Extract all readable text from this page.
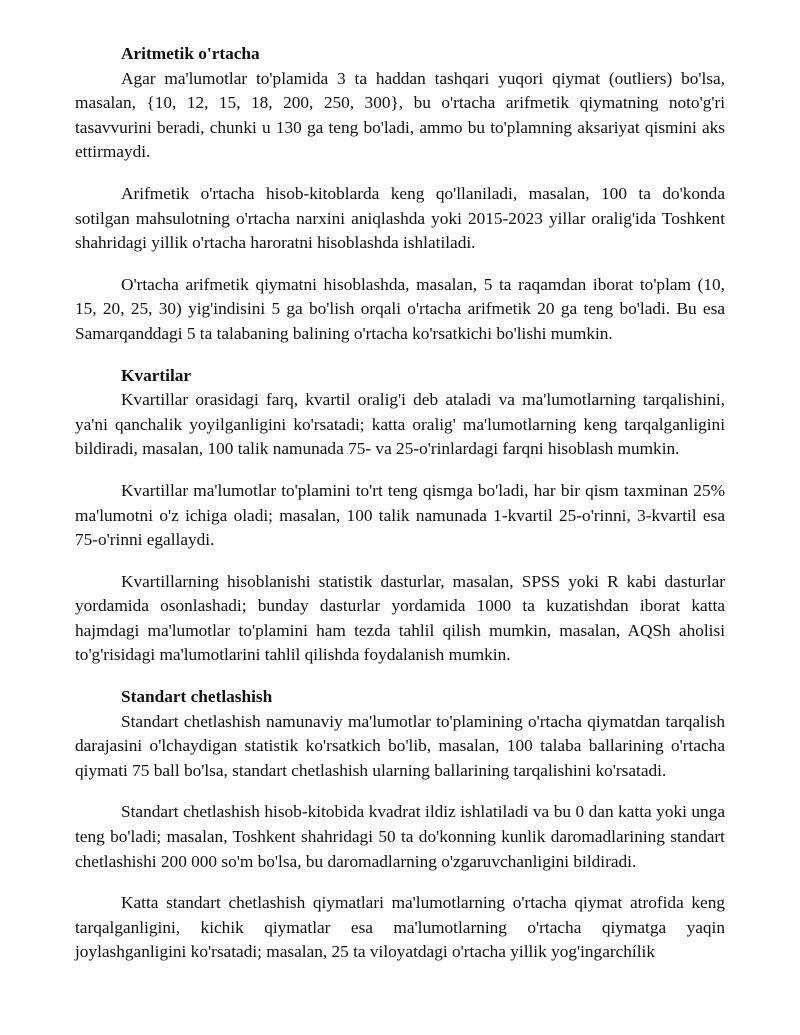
Aritmetik o'rtacha

Agar ma'lumotlar to'plamida 3 ta haddan tashqari yuqori qiymat (outliers) bo'lsa, masalan, {10, 12, 15, 18, 200, 250, 300}, bu o'rtacha arifmetik qiymatning noto'g'ri tasavvurini beradi, chunki u 130 ga teng bo'ladi, ammo bu to'plamning aksariyat qismini aks ettirmaydi.

Arifmetik o'rtacha hisob-kitoblarda keng qo'llaniladi, masalan, 100 ta do'konda sotilgan mahsulotning o'rtacha narxini aniqlashda yoki 2015-2023 yillar oralig'ida Toshkent shahridagi yillik o'rtacha haroratni hisoblashda ishlatiladi.

O'rtacha arifmetik qiymatni hisoblashda, masalan, 5 ta raqamdan iborat to'plam (10, 15, 20, 25, 30) yig'indisini 5 ga bo'lish orqali o'rtacha arifmetik 20 ga teng bo'ladi. Bu esa Samarqanddagi 5 ta talabaning balining o'rtacha ko'rsatkichi bo'lishi mumkin.

Kvartilar

Kvartillar orasidagi farq, kvartil oralig'i deb ataladi va ma'lumotlarning tarqalishini, ya'ni qanchalik yoyilganligini ko'rsatadi; katta oralig' ma'lumotlarning keng tarqalganligini bildiradi, masalan, 100 talik namunada 75- va 25-o'rinlardagi farqni hisoblash mumkin.

Kvartillar ma'lumotlar to'plamini to'rt teng qismga bo'ladi, har bir qism taxminan 25% ma'lumotni o'z ichiga oladi; masalan, 100 talik namunada 1-kvartil 25-o'rinni, 3-kvartil esa 75-o'rinni egallaydi.

Kvartillarning hisoblanishi statistik dasturlar, masalan, SPSS yoki R kabi dasturlar yordamida osonlashadi; bunday dasturlar yordamida 1000 ta kuzatishdan iborat katta hajmdagi ma'lumotlar to'plamini ham tezda tahlil qilish mumkin, masalan, AQSh aholisi to'g'risidagi ma'lumotlarini tahlil qilishda foydalanish mumkin.

Standart chetlashish

Standart chetlashish namunaviy ma'lumotlar to'plamining o'rtacha qiymatdan tarqalish darajasini o'lchaydigan statistik ko'rsatkich bo'lib, masalan, 100 talaba ballarining o'rtacha qiymati 75 ball bo'lsa, standart chetlashish ularning ballarining tarqalishini ko'rsatadi.

Standart chetlashish hisob-kitobida kvadrat ildiz ishlatiladi va bu 0 dan katta yoki unga teng bo'ladi; masalan, Toshkent shahridagi 50 ta do'konning kunlik daromadlarining standart chetlashishi 200 000 so'm bo'lsa, bu daromadlarning o'zgaruvchanligini bildiradi.

Katta standart chetlashish qiymatlari ma'lumotlarning o'rtacha qiymat atrofida keng tarqalganligini, kichik qiymatlar esa ma'lumotlarning o'rtacha qiymatga yaqin joylashganligini ko'rsatadi; masalan, 25 ta viloyatdagi o'rtacha yillik yog'ingarchílik
